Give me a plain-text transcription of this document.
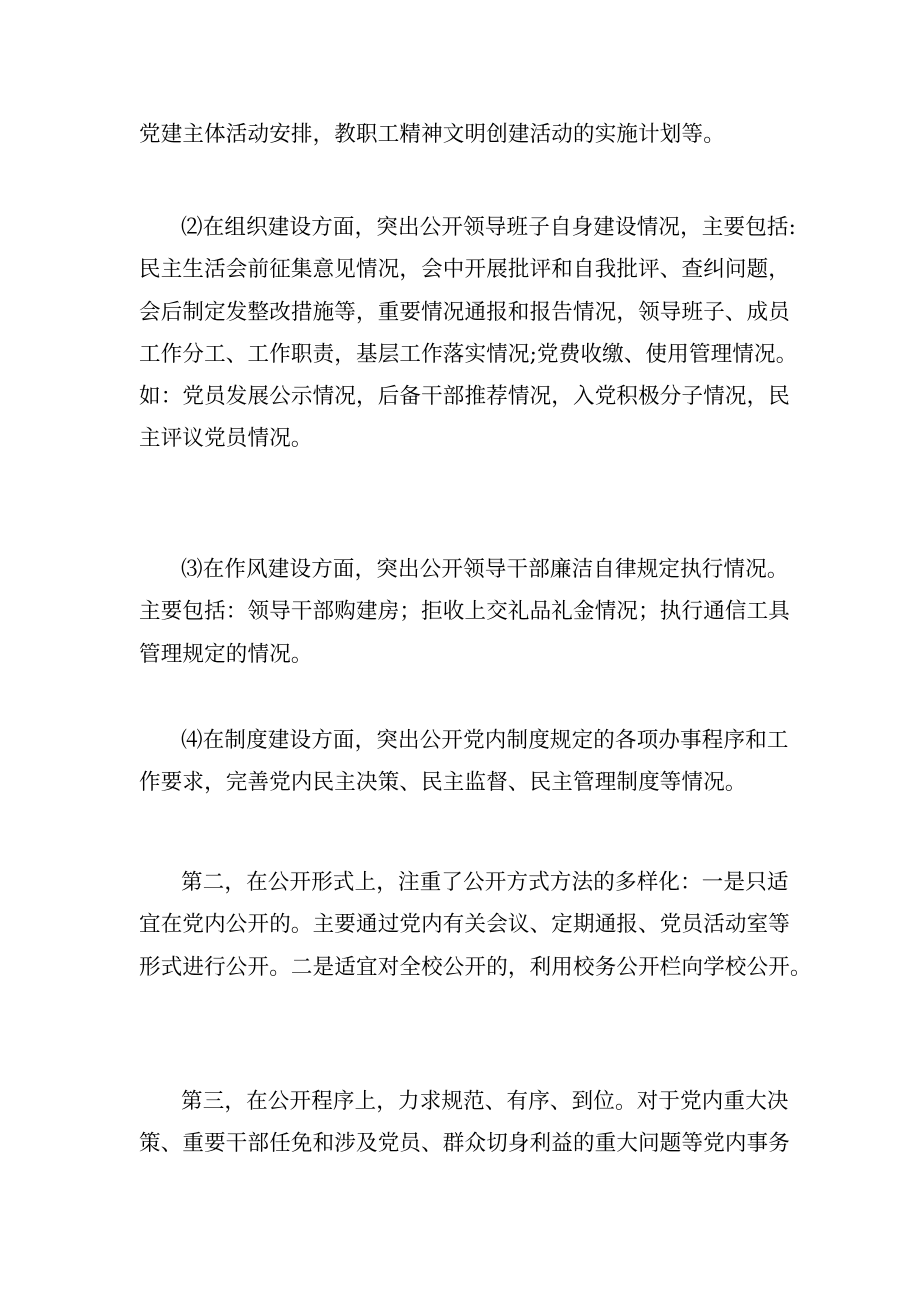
党建主体活动安排，教职工精神文明创建活动的实施计划等。

⑵在组织建设方面，突出公开领导班子自身建设情况，主要包括:
民主生活会前征集意见情况，会中开展批评和自我批评、查纠问题，
会后制定发整改措施等，重要情况通报和报告情况，领导班子、成员
工作分工、工作职责，基层工作落实情况;党费收缴、使用管理情况。
如：党员发展公示情况，后备干部推荐情况，入党积极分子情况，民
主评议党员情况。

⑶在作风建设方面，突出公开领导干部廉洁自律规定执行情况。
主要包括：领导干部购建房；拒收上交礼品礼金情况；执行通信工具
管理规定的情况。

⑷在制度建设方面，突出公开党内制度规定的各项办事程序和工
作要求，完善党内民主决策、民主监督、民主管理制度等情况。

第二，在公开形式上，注重了公开方式方法的多样化：一是只适
宜在党内公开的。主要通过党内有关会议、定期通报、党员活动室等
形式进行公开。二是适宜对全校公开的，利用校务公开栏向学校公开。

第三，在公开程序上，力求规范、有序、到位。对于党内重大决
策、重要干部任免和涉及党员、群众切身利益的重大问题等党内事务
